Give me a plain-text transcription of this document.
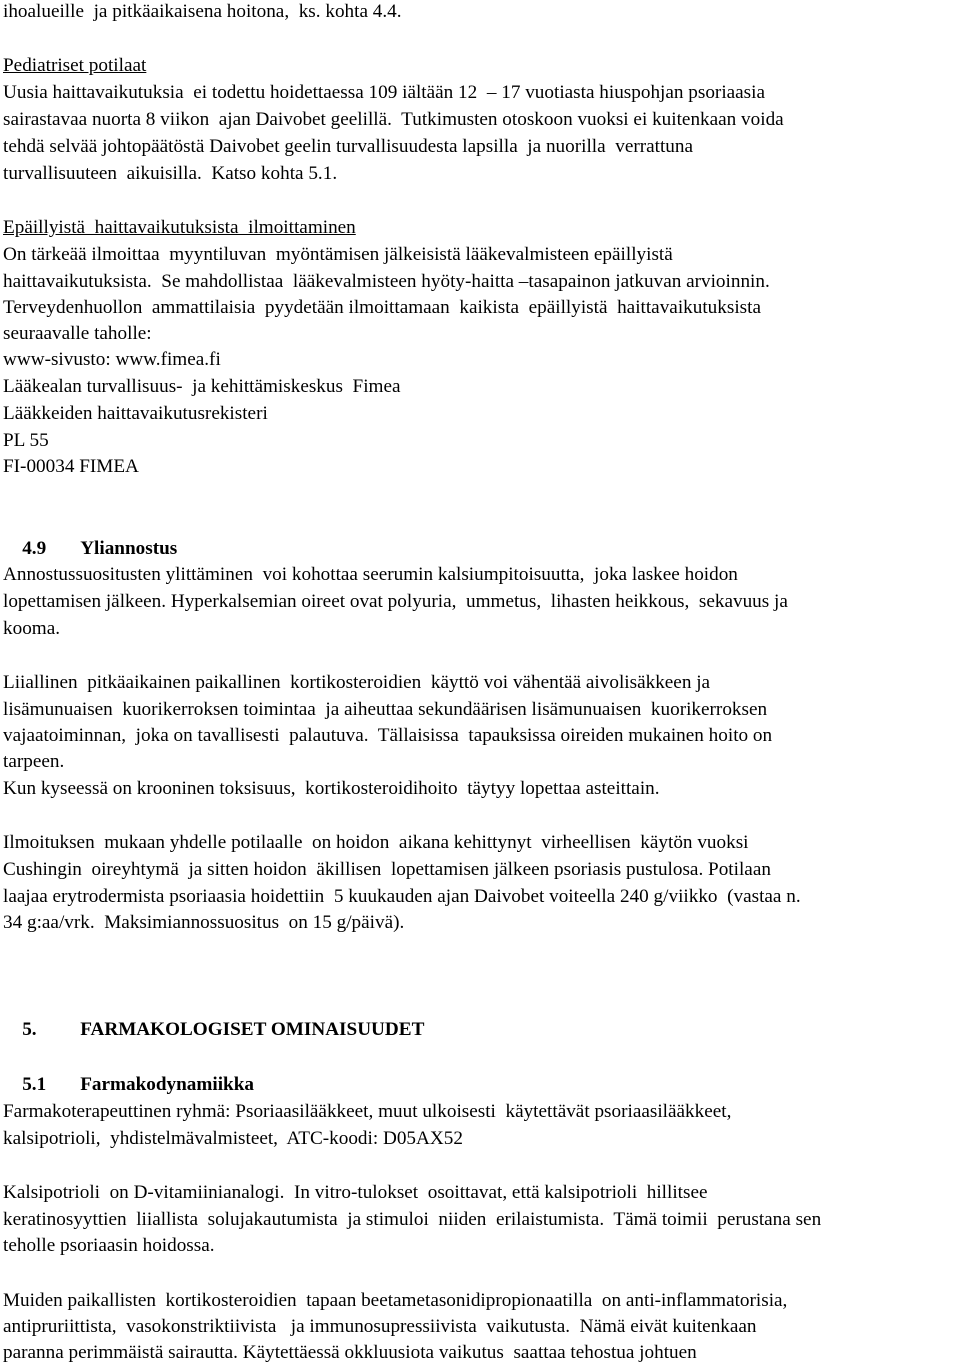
ihoalueille  ja pitkäaikaisena hoitona,  ks. kohta 4.4.
Pediatriset potilaat
Uusia haittavaikutuksia  ei todettu hoidettaessa 109 iältään 12  – 17 vuotiasta hiuspohjan psoriaasia
sairastavaa nuorta 8 viikon  ajan Daivobet geelillä.  Tutkimusten otoskoon vuoksi ei kuitenkaan voida
tehdä selvää johtopäätöstä Daivobet geelin turvallisuudesta lapsilla  ja nuorilla  verrattuna
turvallisuuteen  aikuisilla.  Katso kohta 5.1.
Epäillyistä  haittavaikutuksista  ilmoittaminen
On tärkeää ilmoittaa  myyntiluvan  myöntämisen jälkeisistä lääkevalmisteen epäillyistä
haittavaikutuksista.  Se mahdollistaa  lääkevalmisteen hyöty-haitta –tasapainon jatkuvan arvioinnin.
Terveydenhuollon  ammattilaisia  pyydetään ilmoittamaan  kaikista  epäillyistä  haittavaikutuksista
seuraavalle taholle:
www-sivusto: www.fimea.fi
Lääkealan turvallisuus-  ja kehittämiskeskus  Fimea
Lääkkeiden haittavaikutusrekisteri
PL 55
FI-00034 FIMEA

4.9 Yliannostus

Annostussuositusten ylittäminen  voi kohottaa seerumin kalsiumpitoisuutta,  joka laskee hoidon
lopettamisen jälkeen. Hyperkalsemian oireet ovat polyuria,  ummetus,  lihasten heikkous,  sekavuus ja
kooma.
Liiallinen  pitkäaikainen paikallinen  kortikosteroidien  käyttö voi vähentää aivolisäkkeen ja
lisämunuaisen  kuorikerroksen toimintaa  ja aiheuttaa sekundäärisen lisämunuaisen  kuorikerroksen
vajaatoiminnan,  joka on tavallisesti  palautuva.  Tällaisissa  tapauksissa oireiden mukainen hoito on
tarpeen.
Kun kyseessä on krooninen toksisuus,  kortikosteroidihoito  täytyy lopettaa asteittain.
Ilmoituksen  mukaan yhdelle potilaalle  on hoidon  aikana kehittynyt  virheellisen  käytön vuoksi
Cushingin  oireyhtymä  ja sitten hoidon  äkillisen  lopettamisen jälkeen psoriasis pustulosa. Potilaan
laajaa erytrodermista psoriaasia hoidettiin  5 kuukauden ajan Daivobet voiteella 240 g/viikko  (vastaa n.
34 g:aa/vrk.  Maksimiannossuositus  on 15 g/päivä).

5. FARMAKOLOGISET OMINAISUUDET

5.1 Farmakodynamiikka

Farmakoterapeuttinen ryhmä: Psoriaasilääkkeet, muut ulkoisesti  käytettävät psoriaasilääkkeet,
kalsipotrioli,  yhdistelmävalmisteet,  ATC-koodi: D05AX52
Kalsipotrioli  on D-vitamiinianalogi.  In vitro-tulokset  osoittavat, että kalsipotrioli  hillitsee
keratinosyyttien  liiallista  solujakautumista  ja stimuloi  niiden  erilaistumista.  Tämä toimii  perustana sen
teholle psoriaasin hoidossa.
Muiden paikallisten  kortikosteroidien  tapaan beetametasonidipropionaatilla  on anti-inflammatorisia,
antipruriittista,  vasokonstriktiivista   ja immunosupressiivista  vaikutusta.  Nämä eivät kuitenkaan
paranna perimmäistä sairautta. Käytettäessä okkluusiota vaikutus  saattaa tehostua johtuen
